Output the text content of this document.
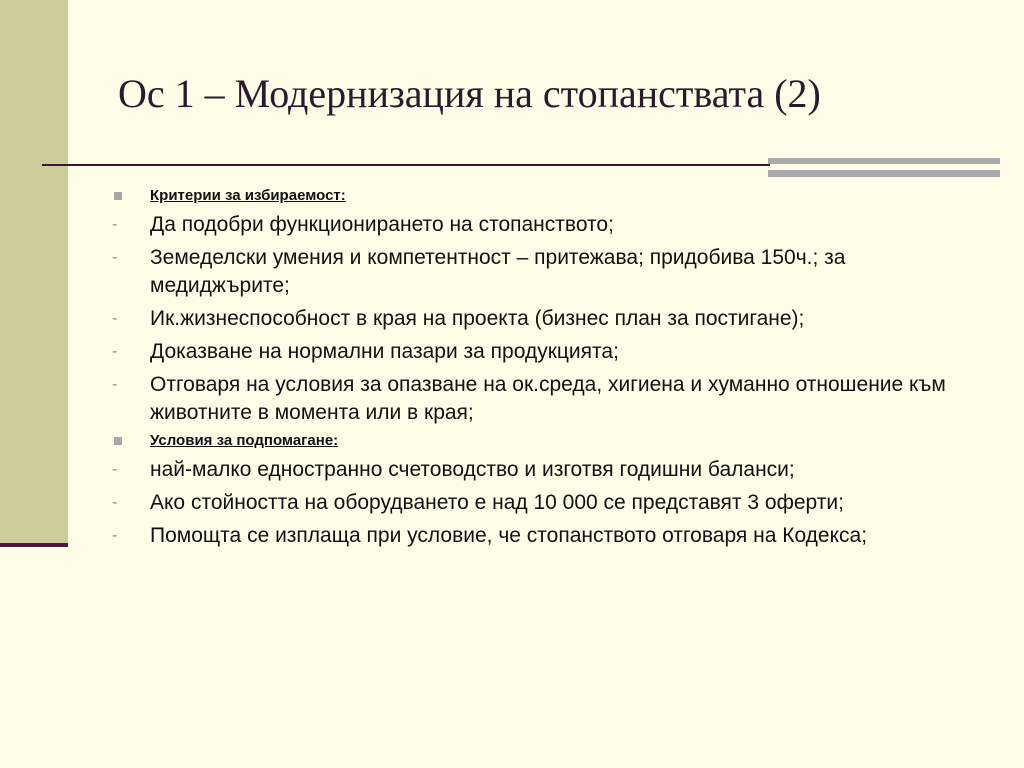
Ос 1 – Модернизация на стопанствата (2)
Критерии за избираемост:
- Да подобри функционирането на стопанството;
- Земеделски умения и компетентност – притежава; придобива 150ч.; за медиджърите;
- Ик.жизнеспособност в края на проекта (бизнес план за постигане);
- Доказване на нормални пазари за продукцията;
- Отговаря на условия за опазване на ок.среда, хигиена и хуманно отношение към животните в момента или в края;
Условия за подпомагане:
- най-малко едностранно счетоводство и изготвя годишни баланси;
- Ако стойността на оборудването е над 10 000 се представят 3 оферти;
- Помощта се изплаща при условие, че стопанството отговаря на Кодекса;
